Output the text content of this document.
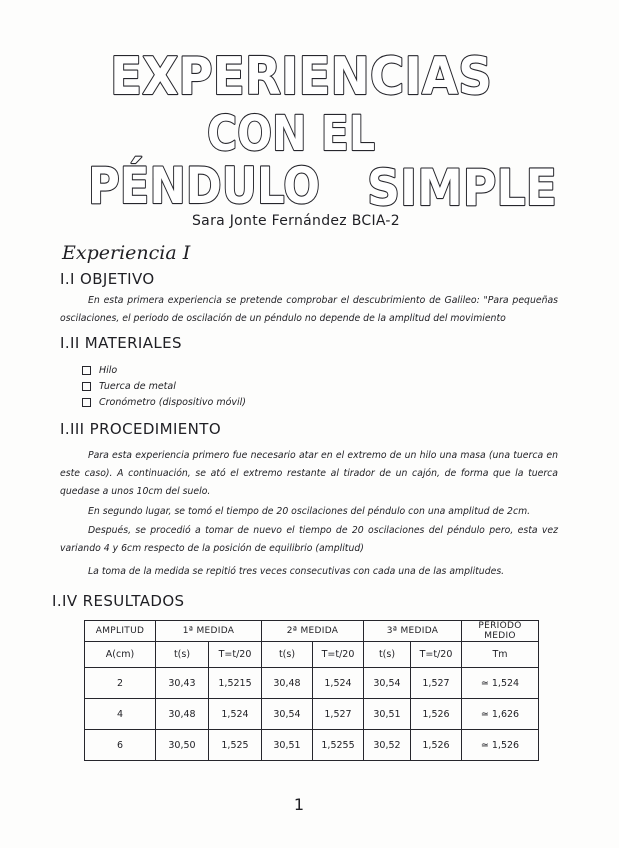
EXPERIENCIAS
CON EL
PÉNDULO SIMPLE
Sara Jonte Fernández BCIA-2
Experiencia I
I.I OBJETIVO
En esta primera experiencia se pretende comprobar el descubrimiento de Galileo: "Para pequeñas oscilaciones, el periodo de oscilación de un péndulo no depende de la amplitud del movimiento
I.II MATERIALES
Hilo
Tuerca de metal
Cronómetro (dispositivo móvil)
I.III PROCEDIMIENTO
Para esta experiencia primero fue necesario atar en el extremo de un hilo una masa (una tuerca en este caso). A continuación, se ató el extremo restante al tirador de un cajón, de forma que la tuerca quedase a unos 10cm del suelo.
En segundo lugar, se tomó el tiempo de 20 oscilaciones del péndulo con una amplitud de 2cm.
Después, se procedió a tomar de nuevo el tiempo de 20 oscilaciones del péndulo pero, esta vez variando 4 y 6cm respecto de la posición de equilibrio (amplitud)
La toma de la medida se repitió tres veces consecutivas con cada una de las amplitudes.
I.IV RESULTADOS
AMPLITUD	1ª MEDIDA		2ª MEDIDA		3ª MEDIDA		PERIODO MEDIO
A(cm)	t(s)	T=t/20	t(s)	T=t/20	t(s)	T=t/20	Tm
2	30,43	1,5215	30,48	1,524	30,54	1,527	≃ 1,524
4	30,48	1,524	30,54	1,527	30,51	1,526	≃ 1,626
6	30,50	1,525	30,51	1,5255	30,52	1,526	≃ 1,526
1
